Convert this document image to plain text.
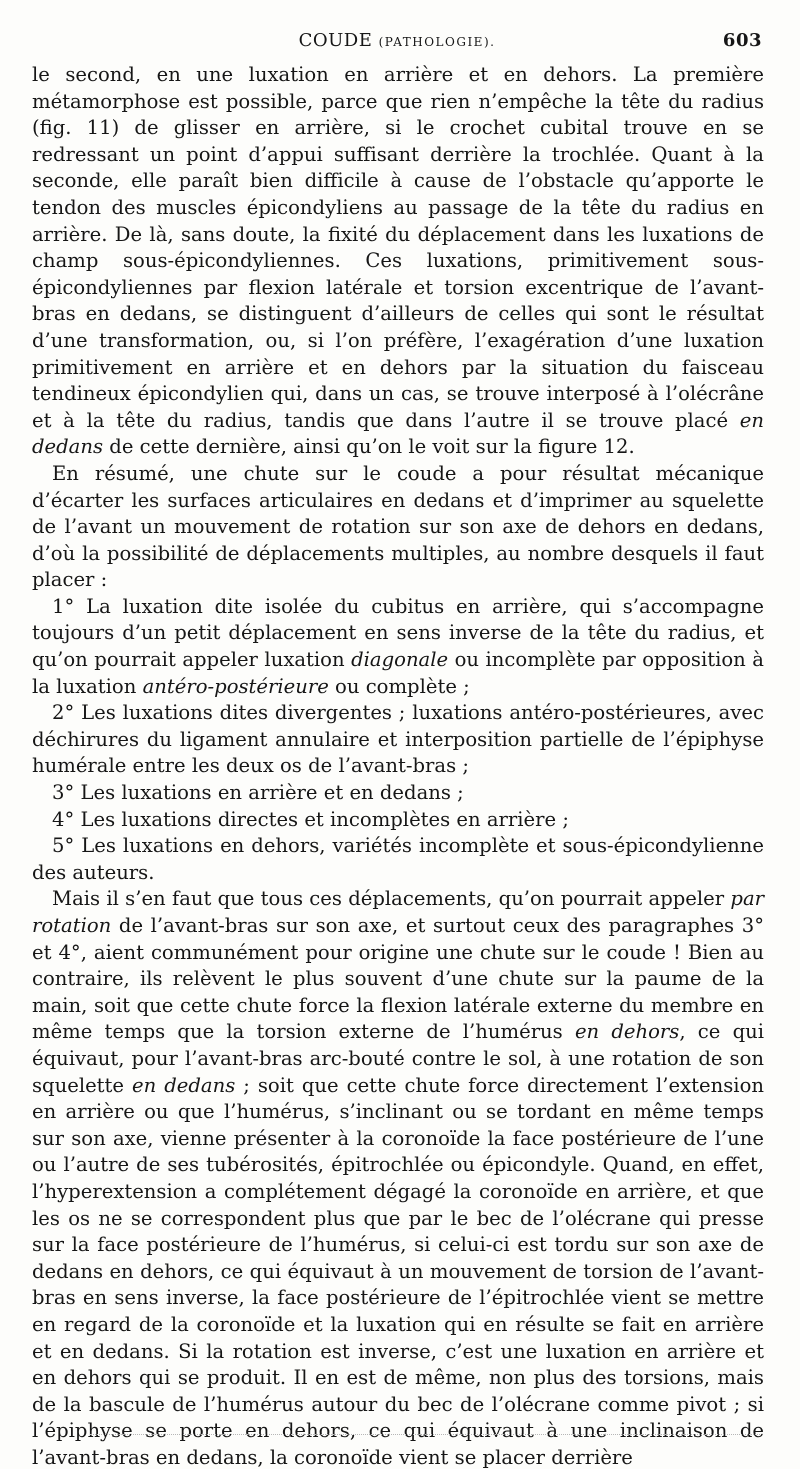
COUDE (PATHOLOGIE).	603

le second, en une luxation en arrière et en dehors. La première métamorphose est possible, parce que rien n’empêche la tête du radius (fig. 11) de glisser en arrière, si le crochet cubital trouve en se redressant un point d’appui suffisant derrière la trochlée. Quant à la seconde, elle paraît bien difficile à cause de l’obstacle qu’apporte le tendon des muscles épicondyliens au passage de la tête du radius en arrière. De là, sans doute, la fixité du déplacement dans les luxations de champ sous-épicondyliennes. Ces luxations, primitivement sous-épicondyliennes par flexion latérale et torsion excentrique de l’avant-bras en dedans, se distinguent d’ailleurs de celles qui sont le résultat d’une transformation, ou, si l’on préfère, l’exagération d’une luxation primitivement en arrière et en dehors par la situation du faisceau tendineux épicondylien qui, dans un cas, se trouve interposé à l’olécrâne et à la tête du radius, tandis que dans l’autre il se trouve placé en dedans de cette dernière, ainsi qu’on le voit sur la figure 12.

En résumé, une chute sur le coude a pour résultat mécanique d’écarter les surfaces articulaires en dedans et d’imprimer au squelette de l’avant un mouvement de rotation sur son axe de dehors en dedans, d’où la possibilité de déplacements multiples, au nombre desquels il faut placer :

1° La luxation dite isolée du cubitus en arrière, qui s’accompagne toujours d’un petit déplacement en sens inverse de la tête du radius, et qu’on pourrait appeler luxation diagonale ou incomplète par opposition à la luxation antéro-postérieure ou complète ;

2° Les luxations dites divergentes ; luxations antéro-postérieures, avec déchirures du ligament annulaire et interposition partielle de l’épiphyse humérale entre les deux os de l’avant-bras ;

3° Les luxations en arrière et en dedans ;

4° Les luxations directes et incomplètes en arrière ;

5° Les luxations en dehors, variétés incomplète et sous-épicondylienne des auteurs.

Mais il s’en faut que tous ces déplacements, qu’on pourrait appeler par rotation de l’avant-bras sur son axe, et surtout ceux des paragraphes 3° et 4°, aient communément pour origine une chute sur le coude ! Bien au contraire, ils relèvent le plus souvent d’une chute sur la paume de la main, soit que cette chute force la flexion latérale externe du membre en même temps que la torsion externe de l’humérus en dehors, ce qui équivaut, pour l’avant-bras arc-bouté contre le sol, à une rotation de son squelette en dedans ; soit que cette chute force directement l’extension en arrière ou que l’humérus, s’inclinant ou se tordant en même temps sur son axe, vienne présenter à la coronoïde la face postérieure de l’une ou l’autre de ses tubérosités, épitrochlée ou épicondyle. Quand, en effet, l’hyperextension a complétement dégagé la coronoïde en arrière, et que les os ne se correspondent plus que par le bec de l’olécrane qui presse sur la face postérieure de l’humérus, si celui-ci est tordu sur son axe de dedans en dehors, ce qui équivaut à un mouvement de torsion de l’avant-bras en sens inverse, la face postérieure de l’épitrochlée vient se mettre en regard de la coronoïde et la luxation qui en résulte se fait en arrière et en dedans. Si la rotation est inverse, c’est une luxation en arrière et en dehors qui se produit. Il en est de même, non plus des torsions, mais de la bascule de l’humérus autour du bec de l’olécrane comme pivot ; si l’épiphyse se porte en dehors, ce qui équivaut à une inclinaison de l’avant-bras en dedans, la coronoïde vient se placer derrière
